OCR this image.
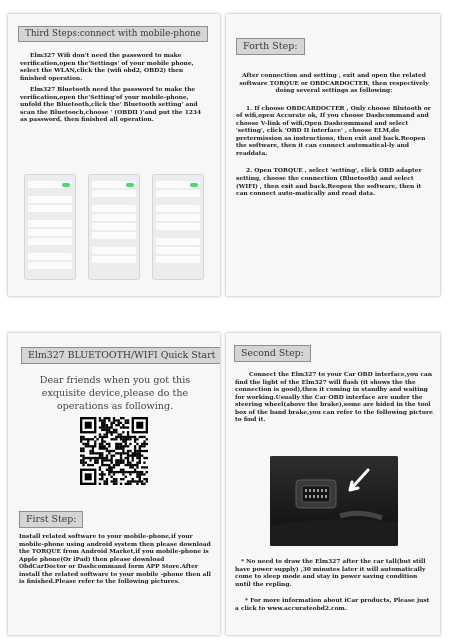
Third Steps:connect with mobile-phone

Elm327 Wifi don't need the password to make verification,open the'Settings' of your mobile phone, select the WLAN,click the (wifi obd2, OBD2) then finished operation.

Elm327 Bluetooth need the password to make the verification,open the'Setting'of your mobile-phone, unfold the Bluetooth,click the' Bluetooth setting' and scan the Bluetooch,choose ' (OBDII )'and put the 1234 as password, then finished all operation.

Forth Step:

After connection and setting , exit and open the related software TORQUE or OBDCARDOCTER, then respectively doing several settings as following:

1. If choose OBDCARDOCTER , Only choose Blutooth or of wifi,open Accurate ok, If you choose Dashcommand and choose V-link of wifi,Open Dashcommand and select 'setting', click 'OBD II interface' , choose ELM,do pretermission as instructions, then exit and back.Reopen the software, then it can connect automatical-ly and readdata.

2. Open TORQUE , select 'setting', click OBD adapter setting, choose the connection (Bluetooth) and select (WIFI) , then exit and back.Reopen the software, then it can connect auto-matically and read data.

Elm327 BLUETOOTH/WIFI Quick Start
Dear friends when you got this exquisite device,please do the operations as following.
First Step:
Install related software to your mobile-phone,if your mobile-phone using android system then please download the TORQUE from Android Market,if you mobile-phone is Apple phone(Or iPad) then please download ObdCarDoctor or Dashcommand form APP Store.After install the related software to your mobile -phone then all is finished.Please refer to the following pictures.
Second Step:
Connect the Elm327 to your Car OBD interface,you can find the light of the Elm327 will flash (it shows the the connection is good),then it coming in standby and waiting for working.Usually the Car OBD interface are under the steering wheel(above the brake),some are hided in the tool box of the band brake,you can refer to the following picture to find it.
* No need to draw the Elm327 after the car tall(but still have power supply) ,30 minutes later it will automatically come to sleep mode and stay in power saving condition until the repling.
* For more information about iCar products, Please just a click to www.accurateobd2.com.
